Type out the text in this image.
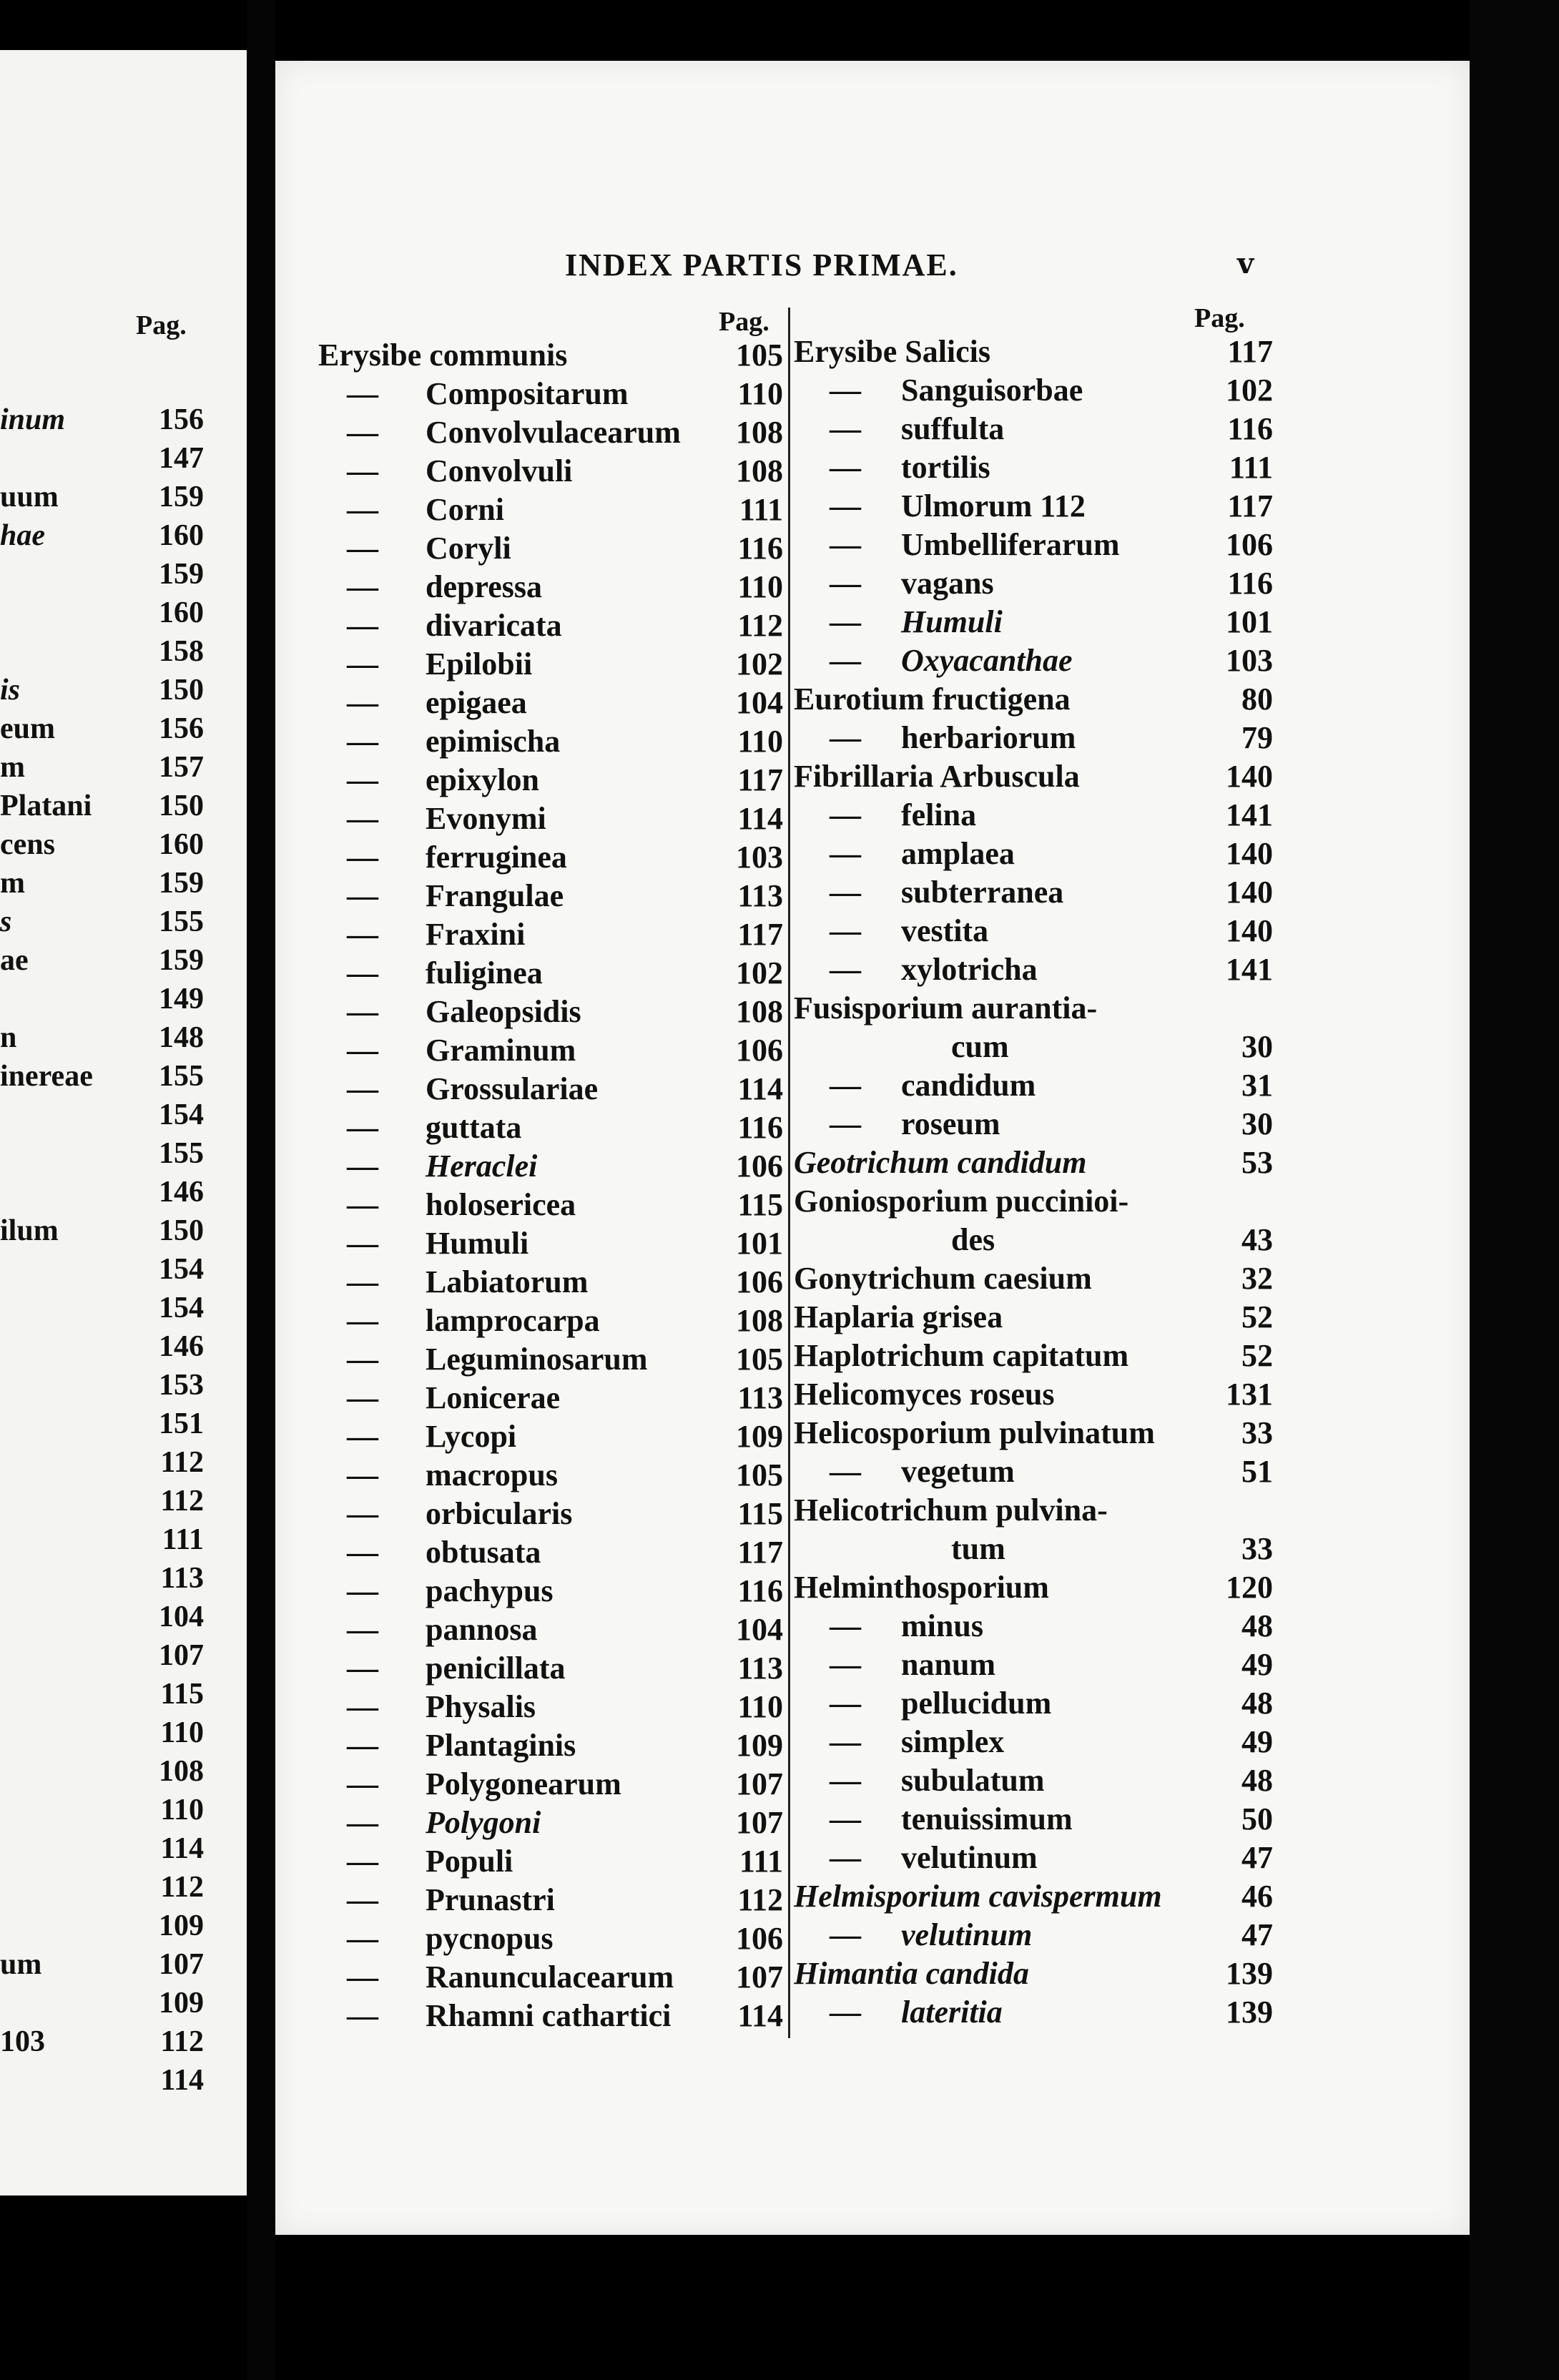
Pag.
inum	156
147
uum	159
hae	160
159
160
158
is	150
eum	156
m	157
Platani 150
cens	160
m	159
s	155
ae	159
149
n	148
inereae 155
154
155
146
ilum	150
154
154
146
153
151
112
112
111
113
104
107
115
110
108
110
114
112
109
um	107
109
103	112
114
INDEX PARTIS PRIMAE.	v
Pag.	Pag.
Erysibe communis	105
— Compositarum	110
— Convolvulacearum 108
— Convolvuli	108
— Corni	111
— Coryli	116
— depressa	110
— divaricata	112
— Epilobii	102
— epigaea	104
— epimischa	110
— epixylon	117
— Evonymi	114
— ferruginea	103
— Frangulae	113
— Fraxini	117
— fuliginea	102
— Galeopsidis	108
— Graminum	106
— Grossulariae	114
— guttata	116
— Heraclei	106
— holosericea	115
— Humuli	101
— Labiatorum	106
— lamprocarpa	108
— Leguminosarum	105
— Lonicerae	113
— Lycopi	109
— macropus	105
— orbicularis	115
— obtusata	117
— pachypus	116
— pannosa	104
— penicillata	113
— Physalis	110
— Plantaginis	109
— Polygonearum	107
— Polygoni	107
— Populi	111
— Prunastri	112
— pycnopus	106
— Ranunculacearum 107
— Rhamni cathartici 114
Erysibe Salicis	117
— Sanguisorbae	102
— suffulta	116
— tortilis	111
— Ulmorum 112	117
— Umbelliferarum	106
— vagans	116
— Humuli	101
— Oxyacanthae	103
Eurotium fructigena	80
— herbariorum	79
Fibrillaria Arbuscula	140
— felina	141
— amplaea	140
— subterranea	140
— vestita	140
— xylotricha	141
Fusisporium aurantia-
cum	30
— candidum	31
— roseum	30
Geotrichum candidum	53
Goniosporium puccinioi-
des	43
Gonytrichum caesium	32
Haplaria grisea	52
Haplotrichum capitatum	52
Helicomyces roseus	131
Helicosporium pulvinatum	33
— vegetum	51
Helicotrichum pulvina-
tum	33
Helminthosporium	120
— minus	48
— nanum	49
— pellucidum	48
— simplex	49
— subulatum	48
— tenuissimum	50
— velutinum	47
Helmisporium cavispermum	46
— velutinum	47
Himantia candida	139
— lateritia	139
